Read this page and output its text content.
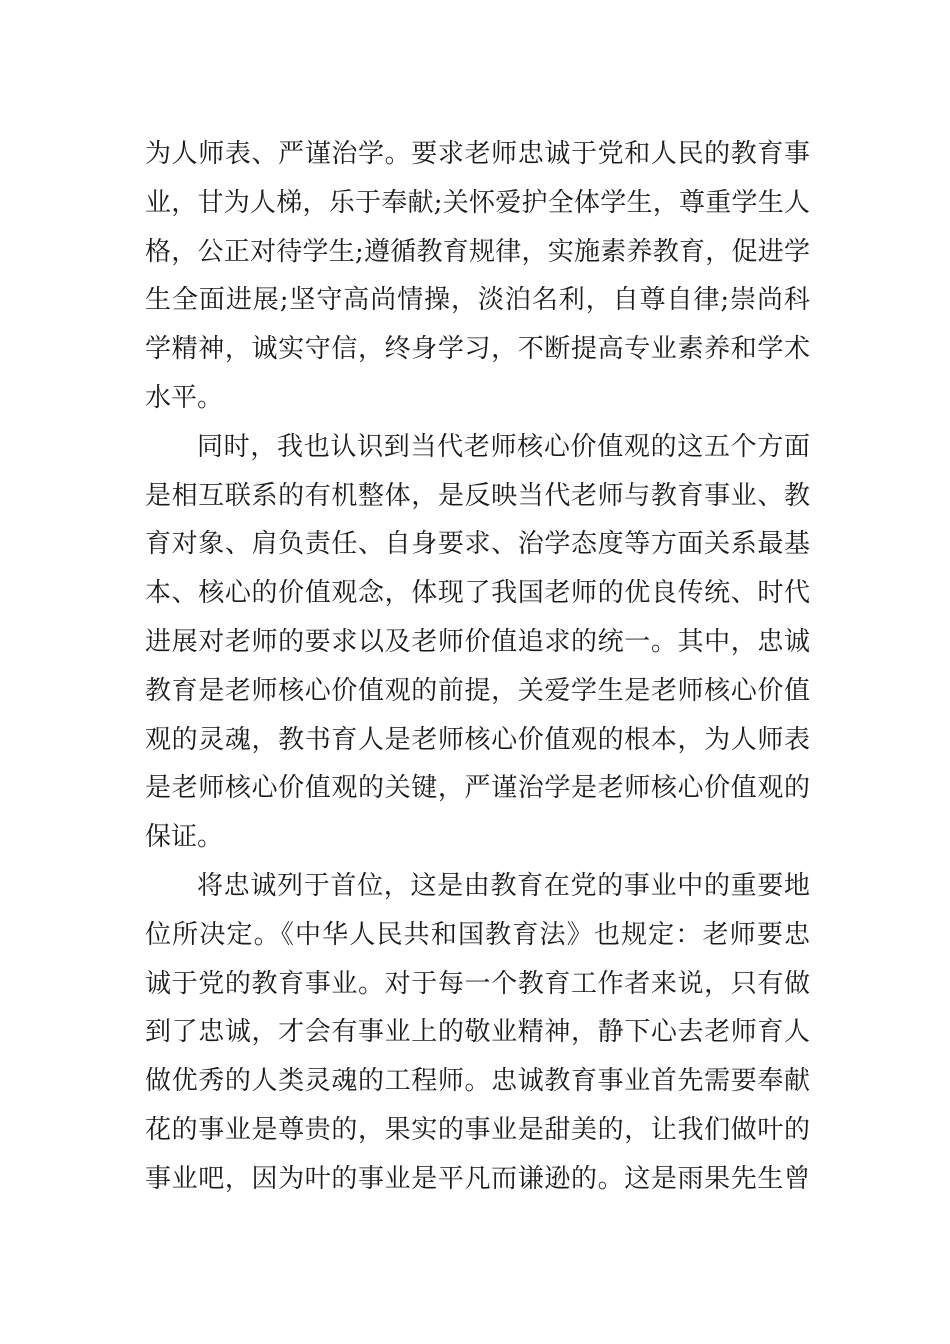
为人师表、严谨治学。要求老师忠诚于党和人民的教育事
业，甘为人梯，乐于奉献;关怀爱护全体学生，尊重学生人
格，公正对待学生;遵循教育规律，实施素养教育，促进学
生全面进展;坚守高尚情操，淡泊名利，自尊自律;崇尚科
学精神，诚实守信，终身学习，不断提高专业素养和学术
水平。
同时，我也认识到当代老师核心价值观的这五个方面
是相互联系的有机整体，是反映当代老师与教育事业、教
育对象、肩负责任、自身要求、治学态度等方面关系最基
本、核心的价值观念，体现了我国老师的优良传统、时代
进展对老师的要求以及老师价值追求的统一。其中，忠诚
教育是老师核心价值观的前提，关爱学生是老师核心价值
观的灵魂，教书育人是老师核心价值观的根本，为人师表
是老师核心价值观的关键，严谨治学是老师核心价值观的
保证。
将忠诚列于首位，这是由教育在党的事业中的重要地
位所决定。《中华人民共和国教育法》也规定：老师要忠
诚于党的教育事业。对于每一个教育工作者来说，只有做
到了忠诚，才会有事业上的敬业精神，静下心去老师育人
做优秀的人类灵魂的工程师。忠诚教育事业首先需要奉献
花的事业是尊贵的，果实的事业是甜美的，让我们做叶的
事业吧，因为叶的事业是平凡而谦逊的。这是雨果先生曾
